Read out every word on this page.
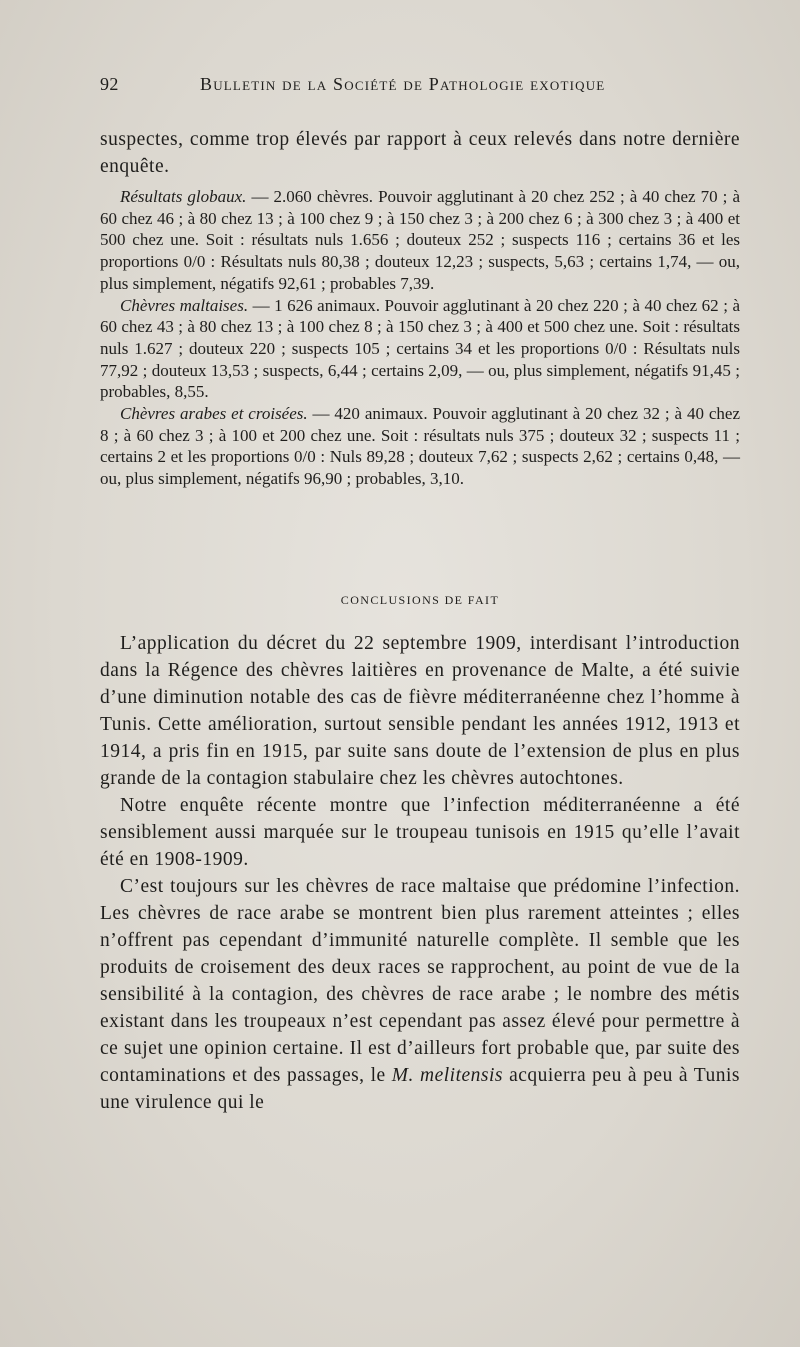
92	Bulletin de la Société de Pathologie exotique

suspectes, comme trop élevés par rapport à ceux relevés dans notre dernière enquête.

Résultats globaux. — 2.060 chèvres. Pouvoir agglutinant à 20 chez 252 ; à 40 chez 70 ; à 60 chez 46 ; à 80 chez 13 ; à 100 chez 9 ; à 150 chez 3 ; à 200 chez 6 ; à 300 chez 3 ; à 400 et 500 chez une. Soit : résultats nuls 1.656 ; douteux 252 ; suspects 116 ; certains 36 et les proportions 0/0 : Résultats nuls 80,38 ; douteux 12,23 ; suspects, 5,63 ; certains 1,74, — ou, plus simplement, négatifs 92,61 ; probables 7,39.

Chèvres maltaises. — 1 626 animaux. Pouvoir agglutinant à 20 chez 220 ; à 40 chez 62 ; à 60 chez 43 ; à 80 chez 13 ; à 100 chez 8 ; à 150 chez 3 ; à 400 et 500 chez une. Soit : résultats nuls 1.627 ; douteux 220 ; suspects 105 ; certains 34 et les proportions 0/0 : Résultats nuls 77,92 ; douteux 13,53 ; suspects, 6,44 ; certains 2,09, — ou, plus simplement, négatifs 91,45 ; probables, 8,55.

Chèvres arabes et croisées. — 420 animaux. Pouvoir agglutinant à 20 chez 32 ; à 40 chez 8 ; à 60 chez 3 ; à 100 et 200 chez une. Soit : résultats nuls 375 ; douteux 32 ; suspects 11 ; certains 2 et les proportions 0/0 : Nuls 89,28 ; douteux 7,62 ; suspects 2,62 ; certains 0,48, — ou, plus simplement, négatifs 96,90 ; probables, 3,10.

CONCLUSIONS DE FAIT

L’application du décret du 22 septembre 1909, interdisant l’introduction dans la Régence des chèvres laitières en provenance de Malte, a été suivie d’une diminution notable des cas de fièvre méditerranéenne chez l’homme à Tunis. Cette amélioration, surtout sensible pendant les années 1912, 1913 et 1914, a pris fin en 1915, par suite sans doute de l’extension de plus en plus grande de la contagion stabulaire chez les chèvres autochtones.

Notre enquête récente montre que l’infection méditerranéenne a été sensiblement aussi marquée sur le troupeau tunisois en 1915 qu’elle l’avait été en 1908-1909.

C’est toujours sur les chèvres de race maltaise que prédomine l’infection. Les chèvres de race arabe se montrent bien plus rarement atteintes ; elles n’offrent pas cependant d’immunité naturelle complète. Il semble que les produits de croisement des deux races se rapprochent, au point de vue de la sensibilité à la contagion, des chèvres de race arabe ; le nombre des métis existant dans les troupeaux n’est cependant pas assez élevé pour permettre à ce sujet une opinion certaine. Il est d’ailleurs fort probable que, par suite des contaminations et des passages, le M. melitensis acquierra peu à peu à Tunis une virulence qui le
